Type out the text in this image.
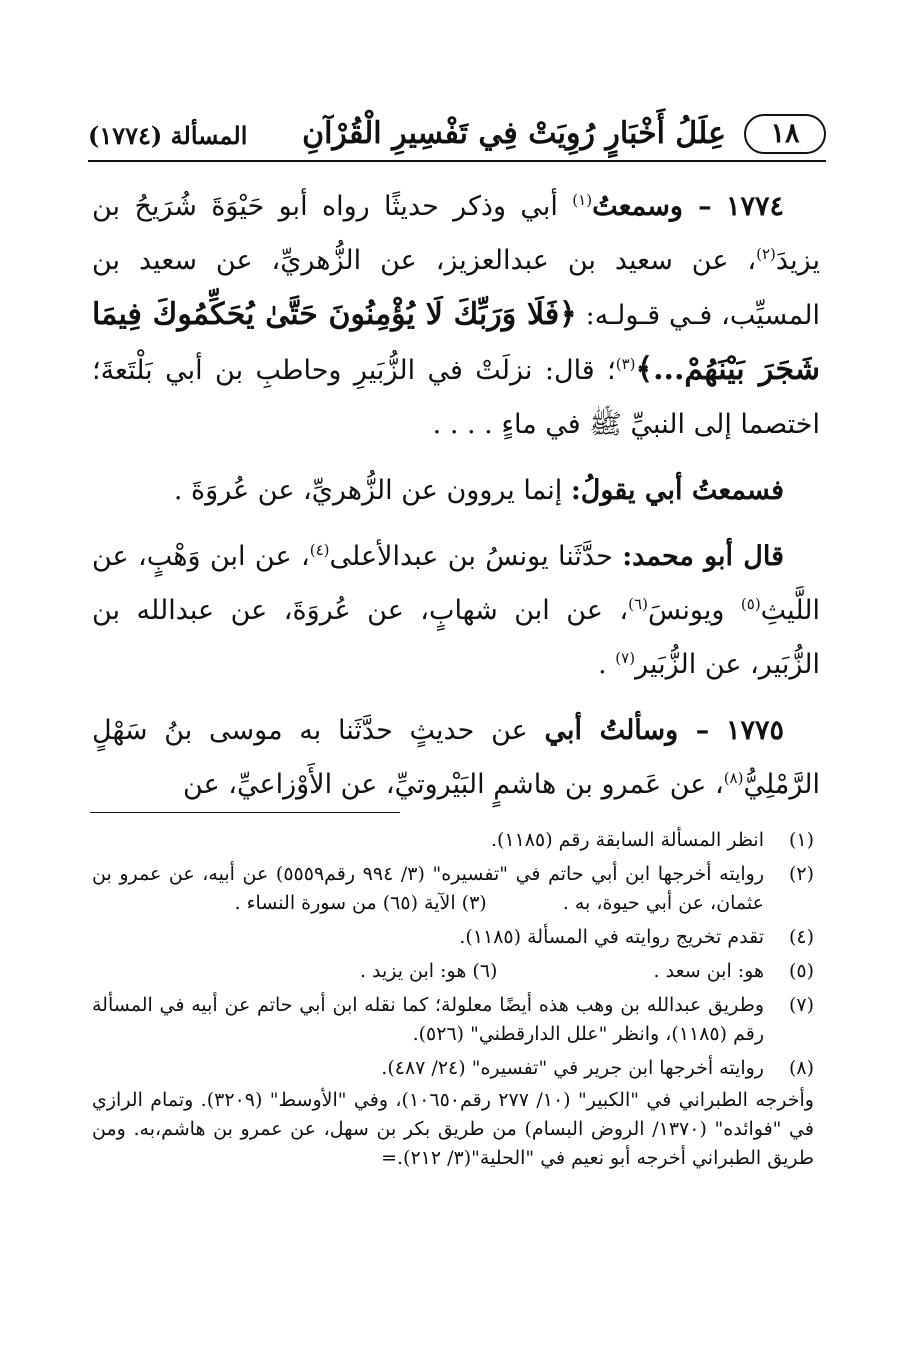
١٨
عِلَلُ أَخْبَارٍ رُوِيَتْ فِي تَفْسِيرِ الْقُرْآنِ
المسألة (١٧٧٤)

١٧٧٤ – وسمعتُ$^{(١)}$ أبي وذكر حديثًا رواه أبو حَيْوَةَ شُرَيحُ بن يزيدَ$^{(٢)}$، عن سعيد بن عبدالعزيز، عن الزُّهريِّ، عن سعيد بن المسيِّب، فـي قـولـه: ﴿فَلَا وَرَبِّكَ لَا يُؤْمِنُونَ حَتَّىٰ يُحَكِّمُوكَ فِيمَا شَجَرَ بَيْنَهُمْ...﴾$^{(٣)}$؛ قال: نزلَتْ في الزُّبَيرِ وحاطبِ بن أبي بَلْتَعةَ؛ اختصما إلى النبيِّ ﷺ في ماءٍ . . . .

فسمعتُ أبي يقولُ: إنما يروون عن الزُّهريِّ، عن عُروَةَ .

قال أبو محمد: حدَّثَنا يونسُ بن عبدالأعلى$^{(٤)}$، عن ابن وَهْبٍ، عن اللَّيثِ$^{(٥)}$ ويونسَ$^{(٦)}$، عن ابن شهابٍ، عن عُروَةَ، عن عبدالله بن الزُّبَير، عن الزُّبَير$^{(٧)}$ .

١٧٧٥ – وسألتُ أبي عن حديثٍ حدَّثَنا به موسى بنُ سَهْلٍ الرَّمْلِيُّ$^{(٨)}$، عن عَمرو بن هاشمٍ البَيْروتيِّ، عن الأَوْزاعيِّ، عن

(١)
انظر المسألة السابقة رقم (١١٨٥).
(٢)
روايته أخرجها ابن أبي حاتم في "تفسيره" (٣/ ٩٩٤ رقم٥٥٥٩) عن أبيه، عن عمرو بن عثمان، عن أبي حيوة، به . (٣) الآية (٦٥) من سورة النساء .
(٤)
تقدم تخريج روايته في المسألة (١١٨٥).
(٥)
هو: ابن سعد . (٦) هو: ابن يزيد .
(٧)
وطريق عبدالله بن وهب هذه أيضًا معلولة؛ كما نقله ابن أبي حاتم عن أبيه في المسألة رقم (١١٨٥)، وانظر "علل الدارقطني" (٥٢٦).
(٨)
روايته أخرجها ابن جرير في "تفسيره" (٢٤/ ٤٨٧).
وأخرجه الطبراني في "الكبير" (١٠/ ٢٧٧ رقم١٠٦٥٠)، وفي "الأوسط" (٣٢٠٩). وتمام الرازي في "فوائده" (١٣٧٠/ الروض البسام) من طريق بكر بن سهل، عن عمرو بن هاشم،به. ومن طريق الطبراني أخرجه أبو نعيم في "الحلية"(٣/ ٢١٢).=
